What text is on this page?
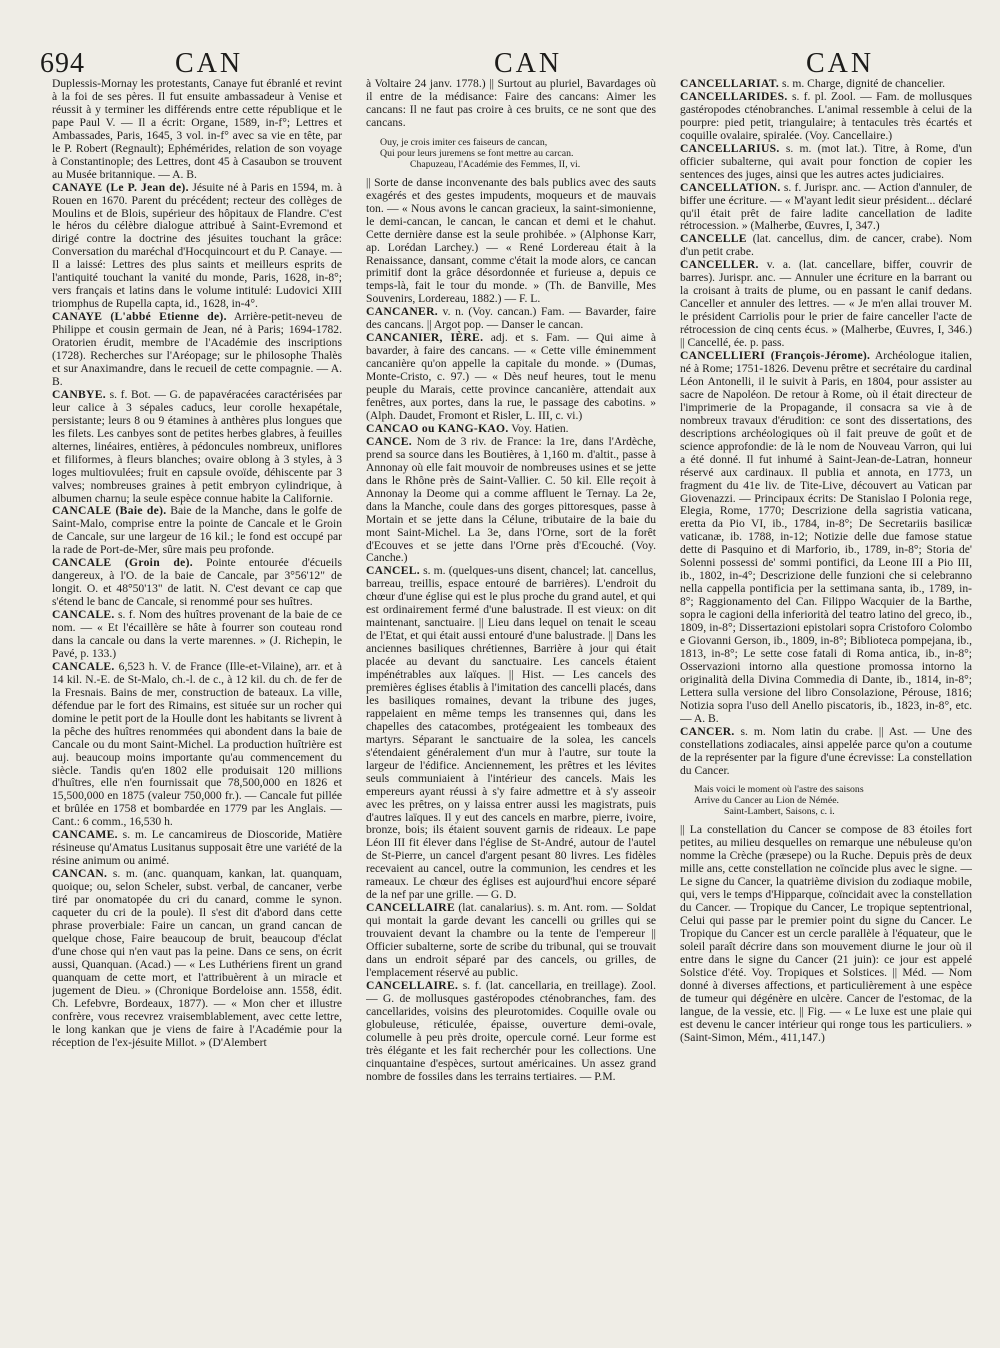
694	CAN	CAN	CAN

Duplessis-Mornay les protestants, Canaye fut ébranlé et revint à la foi de ses pères. Il fut ensuite ambassadeur à Venise et réussit à y terminer les différends entre cette république et le pape Paul V. — Il a écrit: Organe, 1589, in-f°; Lettres et Ambassades, Paris, 1645, 3 vol. in-f° avec sa vie en tête, par le P. Robert (Regnault); Ephémérides, relation de son voyage à Constantinople; des Lettres, dont 45 à Casaubon se trouvent au Musée britannique. — A. B.

CANAYE (Le P. Jean de). Jésuite né à Paris en 1594, m. à Rouen en 1670. Parent du précédent; recteur des collèges de Moulins et de Blois, supérieur des hôpitaux de Flandre. C'est le héros du célèbre dialogue attribué à Saint-Evremond et dirigé contre la doctrine des jésuites touchant la grâce: Conversation du maréchal d'Hocquincourt et du P. Canaye. — Il a laissé: Lettres des plus saints et meilleurs esprits de l'antiquité touchant la vanité du monde, Paris, 1628, in-8°; vers français et latins dans le volume intitulé: Ludovici XIII triomphus de Rupella capta, id., 1628, in-4°.

CANAYE (L'abbé Etienne de). Arrière-petit-neveu de Philippe et cousin germain de Jean, né à Paris; 1694-1782. Oratorien érudit, membre de l'Académie des inscriptions (1728). Recherches sur l'Aréopage; sur le philosophe Thalès et sur Anaximandre, dans le recueil de cette compagnie. — A. B.

CANBYE. s. f. Bot. — G. de papavéracées caractérisées par leur calice à 3 sépales caducs, leur corolle hexapétale, persistante; leurs 8 ou 9 étamines à anthères plus longues que les filets. Les canbyes sont de petites herbes glabres, à feuilles alternes, linéaires, entières, à pédoncules nombreux, uniflores et filiformes, à fleurs blanches; ovaire oblong à 3 styles, à 3 loges multiovulées; fruit en capsule ovoïde, déhiscente par 3 valves; nombreuses graines à petit embryon cylindrique, à albumen charnu; la seule espèce connue habite la Californie.

CANCALE (Baie de). Baie de la Manche, dans le golfe de Saint-Malo, comprise entre la pointe de Cancale et le Groin de Cancale, sur une largeur de 16 kil.; le fond est occupé par la rade de Port-de-Mer, sûre mais peu profonde.

CANCALE (Groin de). Pointe entourée d'écueils dangereux, à l'O. de la baie de Cancale, par 3°56'12" de longit. O. et 48°50'13" de latit. N. C'est devant ce cap que s'étend le banc de Cancale, si renommé pour ses huîtres.

CANCALE. s. f. Nom des huîtres provenant de la baie de ce nom. — « Et l'écaillère se hâte à fourrer son couteau rond dans la cancale ou dans la verte marennes. » (J. Richepin, le Pavé, p. 133.)

CANCALE. 6,523 h. V. de France (Ille-et-Vilaine), arr. et à 14 kil. N.-E. de St-Malo, ch.-l. de c., à 12 kil. du ch. de fer de la Fresnais. Bains de mer, construction de bateaux. La ville, défendue par le fort des Rimains, est située sur un rocher qui domine le petit port de la Houlle dont les habitants se livrent à la pêche des huîtres renommées qui abondent dans la baie de Cancale ou du mont Saint-Michel. La production huîtrière est auj. beaucoup moins importante qu'au commencement du siècle. Tandis qu'en 1802 elle produisait 120 millions d'huîtres, elle n'en fournissait que 78,500,000 en 1826 et 15,500,000 en 1875 (valeur 750,000 fr.). — Cancale fut pillée et brûlée en 1758 et bombardée en 1779 par les Anglais. — Cant.: 6 comm., 16,530 h.

CANCAME. s. m. Le cancamireus de Dioscoride, Matière résineuse qu'Amatus Lusitanus supposait être une variété de la résine animum ou animé.

CANCAN. s. m. (anc. quanquam, kankan, lat. quanquam, quoique; ou, selon Scheler, subst. verbal, de cancaner, verbe tiré par onomatopée du cri du canard, comme le synon. caqueter du cri de la poule). Il s'est dit d'abord dans cette phrase proverbiale: Faire un cancan, un grand cancan de quelque chose, Faire beaucoup de bruit, beaucoup d'éclat d'une chose qui n'en vaut pas la peine. Dans ce sens, on écrit aussi, Quanquan. (Acad.) — « Les Luthériens firent un grand quanquam de cette mort, et l'attribuèrent à un miracle et jugement de Dieu. » (Chronique Bordeloise ann. 1558, édit. Ch. Lefebvre, Bordeaux, 1877). — « Mon cher et illustre confrère, vous recevrez vraisemblablement, avec cette lettre, le long kankan que je viens de faire à l'Académie pour la réception de l'ex-jésuite Millot. » (D'Alembert

à Voltaire 24 janv. 1778.) || Surtout au pluriel, Bavardages où il entre de la médisance: Faire des cancans: Aimer les cancans: Il ne faut pas croire à ces bruits, ce ne sont que des cancans.

Ouy, je crois imiter ces faiseurs de cancan,
Qui pour leurs juremens se font mettre au carcan.
Chapuzeau, l'Académie des Femmes, II, vi.

|| Sorte de danse inconvenante des bals publics avec des sauts exagérés et des gestes impudents, moqueurs et de mauvais ton. — « Nous avons le cancan gracieux, la saint-simonienne, le demi-cancan, le cancan, le cancan et demi et le chahut. Cette dernière danse est la seule prohibée. » (Alphonse Karr, ap. Lorédan Larchey.) — « René Lordereau était à la Renaissance, dansant, comme c'était la mode alors, ce cancan primitif dont la grâce désordonnée et furieuse a, depuis ce temps-là, fait le tour du monde. » (Th. de Banville, Mes Souvenirs, Lordereau, 1882.) — F. L.

CANCANER. v. n. (Voy. cancan.) Fam. — Bavarder, faire des cancans. || Argot pop. — Danser le cancan.

CANCANIER, IÈRE. adj. et s. Fam. — Qui aime à bavarder, à faire des cancans. — « Cette ville éminemment cancanière qu'on appelle la capitale du monde. » (Dumas, Monte-Cristo, c. 97.) — « Dès neuf heures, tout le menu peuple du Marais, cette province cancanière, attendait aux fenêtres, aux portes, dans la rue, le passage des cabotins. » (Alph. Daudet, Fromont et Risler, L. III, c. vi.)

CANCAO ou KANG-KAO. Voy. Hatien.

CANCE. Nom de 3 riv. de France: la 1re, dans l'Ardèche, prend sa source dans les Boutières, à 1,160 m. d'altit., passe à Annonay où elle fait mouvoir de nombreuses usines et se jette dans le Rhône près de Saint-Vallier. C. 50 kil. Elle reçoit à Annonay la Deome qui a comme affluent le Ternay. La 2e, dans la Manche, coule dans des gorges pittoresques, passe à Mortain et se jette dans la Célune, tributaire de la baie du mont Saint-Michel. La 3e, dans l'Orne, sort de la forêt d'Ecouves et se jette dans l'Orne près d'Ecouché. (Voy. Canche.)

CANCEL. s. m. (quelques-uns disent, chancel; lat. cancellus, barreau, treillis, espace entouré de barrières). L'endroit du chœur d'une église qui est le plus proche du grand autel, et qui est ordinairement fermé d'une balustrade. Il est vieux: on dit maintenant, sanctuaire. || Lieu dans lequel on tenait le sceau de l'Etat, et qui était aussi entouré d'une balustrade. || Dans les anciennes basiliques chrétiennes, Barrière à jour qui était placée au devant du sanctuaire. Les cancels étaient impénétrables aux laïques. || Hist. — Les cancels des premières églises établis à l'imitation des cancelli placés, dans les basiliques romaines, devant la tribune des juges, rappelaient en même temps les transennes qui, dans les chapelles des catacombes, protégeaient les tombeaux des martyrs. Séparant le sanctuaire de la solea, les cancels s'étendaient généralement d'un mur à l'autre, sur toute la largeur de l'édifice. Anciennement, les prêtres et les lévites seuls communiaient à l'intérieur des cancels. Mais les empereurs ayant réussi à s'y faire admettre et à s'y asseoir avec les prêtres, on y laissa entrer aussi les magistrats, puis d'autres laïques. Il y eut des cancels en marbre, pierre, ivoire, bronze, bois; ils étaient souvent garnis de rideaux. Le pape Léon III fit élever dans l'église de St-André, autour de l'autel de St-Pierre, un cancel d'argent pesant 80 livres. Les fidèles recevaient au cancel, outre la communion, les cendres et les rameaux. Le chœur des églises est aujourd'hui encore séparé de la nef par une grille. — G. D.

CANCELLAIRE (lat. canalarius). s. m. Ant. rom. — Soldat qui montait la garde devant les cancelli ou grilles qui se trouvaient devant la chambre ou la tente de l'empereur || Officier subalterne, sorte de scribe du tribunal, qui se trouvait dans un endroit séparé par des cancels, ou grilles, de l'emplacement réservé au public.

CANCELLAIRE. s. f. (lat. cancellaria, en treillage). Zool. — G. de mollusques gastéropodes cténobranches, fam. des cancellarides, voisins des pleurotomides. Coquille ovale ou globuleuse, réticulée, épaisse, ouverture demi-ovale, columelle à peu près droite, opercule corné. Leur forme est très élégante et les fait recherchér pour les collections. Une cinquantaine d'espèces, surtout américaines. Un assez grand nombre de fossiles dans les terrains tertiaires. — P.M.

CANCELLARIAT. s. m. Charge, dignité de chancelier.

CANCELLARIDES. s. f. pl. Zool. — Fam. de mollusques gastéropodes cténobranches. L'animal ressemble à celui de la pourpre: pied petit, triangulaire; à tentacules très écartés et coquille ovalaire, spiralée. (Voy. Cancellaire.)

CANCELLARIUS. s. m. (mot lat.). Titre, à Rome, d'un officier subalterne, qui avait pour fonction de copier les sentences des juges, ainsi que les autres actes judiciaires.

CANCELLATION. s. f. Jurispr. anc. — Action d'annuler, de biffer une écriture. — « M'ayant ledit sieur président... déclaré qu'il était prêt de faire ladite cancellation de ladite rétrocession. » (Malherbe, Œuvres, I, 347.)

CANCELLE (lat. cancellus, dim. de cancer, crabe). Nom d'un petit crabe.

CANCELLER. v. a. (lat. cancellare, biffer, couvrir de barres). Jurispr. anc. — Annuler une écriture en la barrant ou la croisant à traits de plume, ou en passant le canif dedans. Canceller et annuler des lettres. — « Je m'en allai trouver M. le président Carriolis pour le prier de faire canceller l'acte de rétrocession de cinq cents écus. » (Malherbe, Œuvres, I, 346.) || Cancellé, ée. p. pass.

CANCELLIERI (François-Jérome). Archéologue italien, né à Rome; 1751-1826. Devenu prêtre et secrétaire du cardinal Léon Antonelli, il le suivit à Paris, en 1804, pour assister au sacre de Napoléon. De retour à Rome, où il était directeur de l'imprimerie de la Propagande, il consacra sa vie à de nombreux travaux d'érudition: ce sont des dissertations, des descriptions archéologiques où il fait preuve de goût et de science approfondie: de là le nom de Nouveau Varron, qui lui a été donné. Il fut inhumé à Saint-Jean-de-Latran, honneur réservé aux cardinaux. Il publia et annota, en 1773, un fragment du 41e liv. de Tite-Live, découvert au Vatican par Giovenazzi. — Principaux écrits: De Stanislao I Polonia rege, Elegia, Rome, 1770; Descrizione della sagristia vaticana, eretta da Pio VI, ib., 1784, in-8°; De Secretariis basilicæ vaticanæ, ib. 1788, in-12; Notizie delle due famose statue dette di Pasquino et di Marforio, ib., 1789, in-8°; Storia de' Solenni possessi de' sommi pontifici, da Leone III a Pio III, ib., 1802, in-4°; Descrizione delle funzioni che si celebranno nella cappella pontificia per la settimana santa, ib., 1789, in-8°; Raggionamento del Can. Filippo Wacquier de la Barthe, sopra le cagioni della inferiorità del teatro latino del greco, ib., 1809, in-8°; Dissertazioni epistolari sopra Cristoforo Colombo e Giovanni Gerson, ib., 1809, in-8°; Biblioteca pompejana, ib., 1813, in-8°; Le sette cose fatali di Roma antica, ib., in-8°; Osservazioni intorno alla questione promossa intorno la originalità della Divina Commedia di Dante, ib., 1814, in-8°; Lettera sulla versione del libro Consolazione, Pérouse, 1816; Notizia sopra l'uso dell Anello piscatoris, ib., 1823, in-8°, etc. — A. B.

CANCER. s. m. Nom latin du crabe. || Ast. — Une des constellations zodiacales, ainsi appelée parce qu'on a coutume de la représenter par la figure d'une écrevisse: La constellation du Cancer.

Mais voici le moment où l'astre des saisons
Arrive du Cancer au Lion de Némée.
Saint-Lambert, Saisons, c. i.

|| La constellation du Cancer se compose de 83 étoiles fort petites, au milieu desquelles on remarque une nébuleuse qu'on nomme la Crèche (præsepe) ou la Ruche. Depuis près de deux mille ans, cette constellation ne coïncide plus avec le signe. — Le signe du Cancer, la quatrième division du zodiaque mobile, qui, vers le temps d'Hipparque, coïncidait avec la constellation du Cancer. — Tropique du Cancer, Le tropique septentrional, Celui qui passe par le premier point du signe du Cancer. Le Tropique du Cancer est un cercle parallèle à l'équateur, que le soleil paraît décrire dans son mouvement diurne le jour où il entre dans le signe du Cancer (21 juin): ce jour est appelé Solstice d'été. Voy. Tropiques et Solstices. || Méd. — Nom donné à diverses affections, et particulièrement à une espèce de tumeur qui dégénère en ulcère. Cancer de l'estomac, de la langue, de la vessie, etc. || Fig. — « Le luxe est une plaie qui est devenu le cancer intérieur qui ronge tous les particuliers. » (Saint-Simon, Mém., 411,147.)
